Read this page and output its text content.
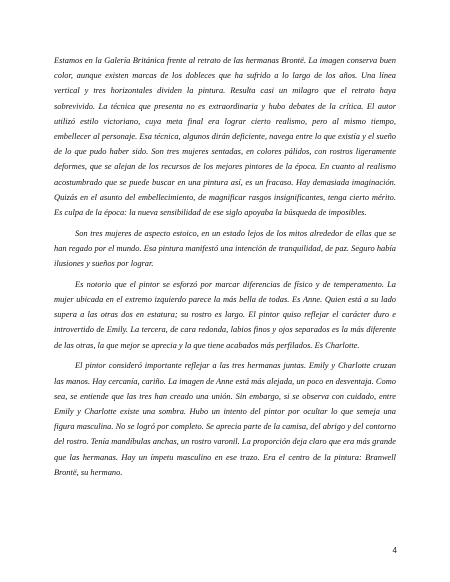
Estamos en la Galería Británica frente al retrato de las hermanas Brontë. La imagen conserva buen color, aunque existen marcas de los dobleces que ha sufrido a lo largo de los años. Una línea vertical y tres horizontales dividen la pintura. Resulta casi un milagro que el retrato haya sobrevivido. La técnica que presenta no es extraordinaria y hubo debates de la crítica. El autor utilizó estilo victoriano, cuya meta final era lograr cierto realismo, pero al mismo tiempo, embellecer al personaje. Esa técnica, algunos dirán deficiente, navega entre lo que existía y el sueño de lo que pudo haber sido. Son tres mujeres sentadas, en colores pálidos, con rostros ligeramente deformes, que se alejan de los recursos de los mejores pintores de la época. En cuanto al realismo acostumbrado que se puede buscar en una pintura así, es un fracaso. Hay demasiada imaginación. Quizás en el asunto del embellecimiento, de magnificar rasgos insignificantes, tenga cierto mérito. Es culpa de la época: la nueva sensibilidad de ese siglo apoyaba la búsqueda de imposibles.

Son tres mujeres de aspecto estoico, en un estado lejos de los mitos alrededor de ellas que se han regado por el mundo. Esa pintura manifestó una intención de tranquilidad, de paz. Seguro había ilusiones y sueños por lograr.

Es notorio que el pintor se esforzó por marcar diferencias de físico y de temperamento. La mujer ubicada en el extremo izquierdo parece la más bella de todas. Es Anne. Quien está a su lado supera a las otras dos en estatura; su rostro es largo. El pintor quiso reflejar el carácter duro e introvertido de Emily. La tercera, de cara redonda, labios finos y ojos separados es la más diferente de las otras, la que mejor se aprecia y la que tiene acabados más perfilados. Es Charlotte.

El pintor consideró importante reflejar a las tres hermanas juntas. Emily y Charlotte cruzan las manos. Hay cercanía, cariño. La imagen de Anne está más alejada, un poco en desventaja. Como sea, se entiende que las tres han creado una unión. Sin embargo, si se observa con cuidado, entre Emily y Charlotte existe una sombra. Hubo un intento del pintor por ocultar lo que semeja una figura masculina. No se logró por completo. Se aprecia parte de la camisa, del abrigo y del contorno del rostro. Tenía mandíbulas anchas, un rostro varonil. La proporción deja claro que era más grande que las hermanas. Hay un ímpetu masculino en ese trazo. Era el centro de la pintura: Branwell Brontë, su hermano.

4
